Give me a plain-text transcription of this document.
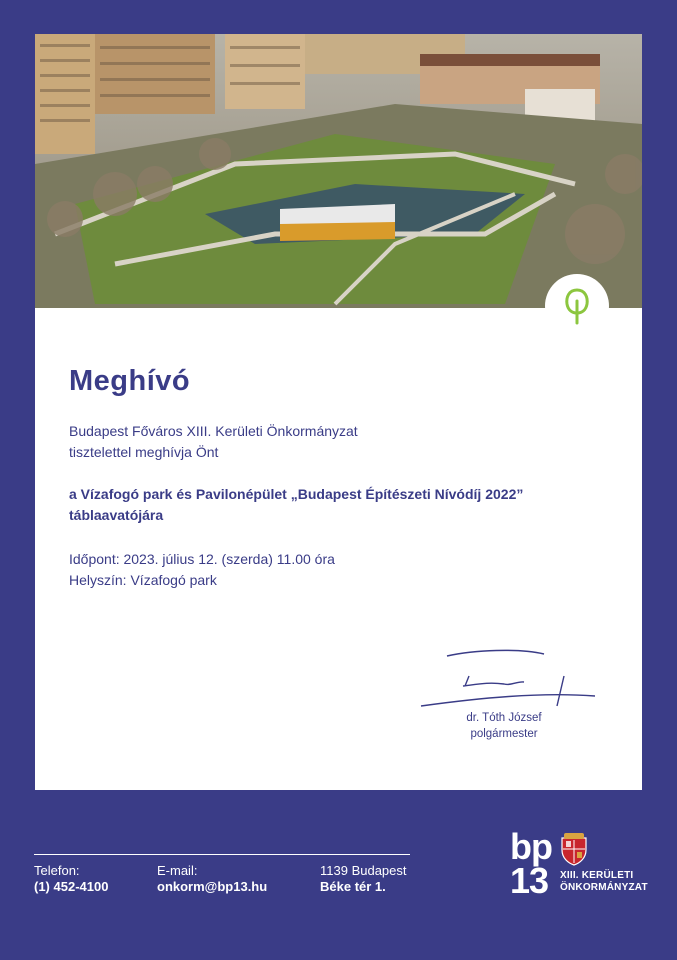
Meghívó
Budapest Főváros XIII. Kerületi Önkormányzat
tisztelettel meghívja Önt
a Vízafogó park és Pavilonépület „Budapest Építészeti Nívódíj 2022”
táblaavatójára
Időpont: 2023. július 12. (szerda) 11.00 óra
Helyszín: Vízafogó park
dr. Tóth József
polgármester
Telefon:
(1) 452-4100
E-mail:
onkorm@bp13.hu
1139 Budapest
Béke tér 1.
bp
13 XIII. KERÜLETI
ÖNKORMÁNYZAT
